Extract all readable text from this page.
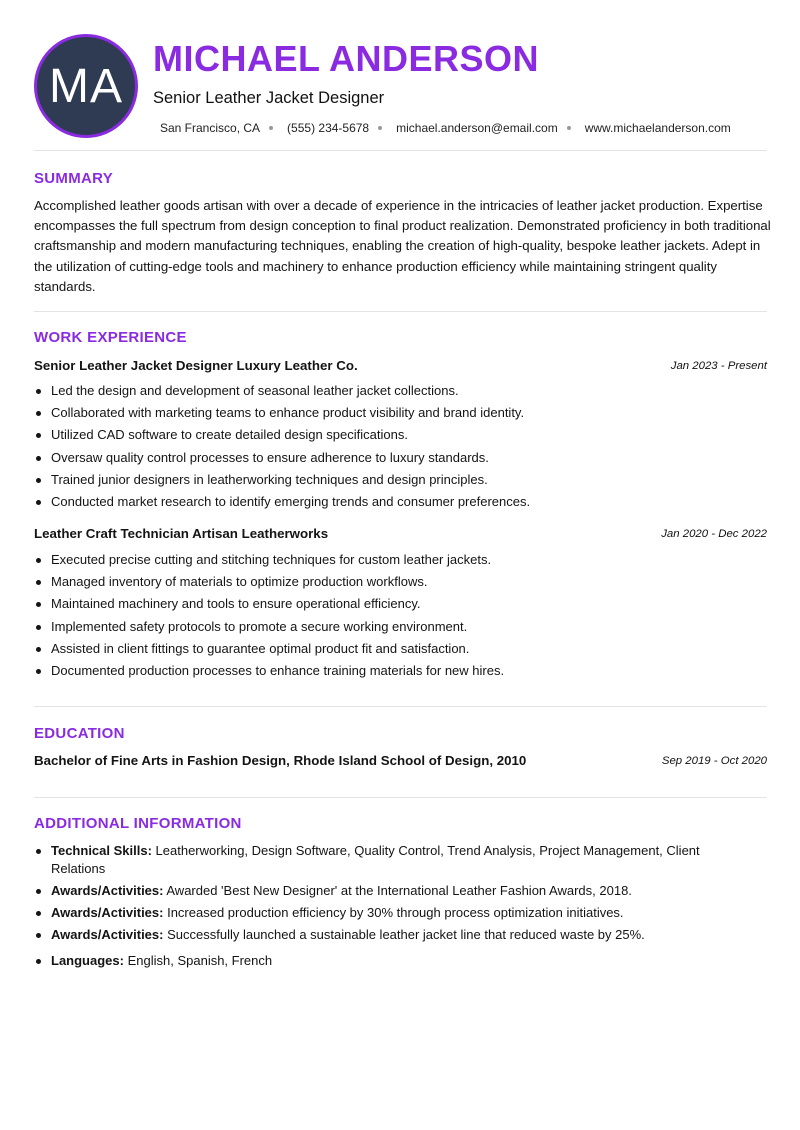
MA
MICHAEL ANDERSON
Senior Leather Jacket Designer
San Francisco, CA (555) 234-5678 michael.anderson@email.com www.michaelanderson.com
SUMMARY

Accomplished leather goods artisan with over a decade of experience in the intricacies of leather jacket production. Expertise encompasses the full spectrum from design conception to final product realization. Demonstrated proficiency in both traditional craftsmanship and modern manufacturing techniques, enabling the creation of high-quality, bespoke leather jackets. Adept in the utilization of cutting-edge tools and machinery to enhance production efficiency while maintaining stringent quality standards.

WORK EXPERIENCE
Senior Leather Jacket Designer Luxury Leather Co.	Jan 2023 - Present
Led the design and development of seasonal leather jacket collections.
Collaborated with marketing teams to enhance product visibility and brand identity.
Utilized CAD software to create detailed design specifications.
Oversaw quality control processes to ensure adherence to luxury standards.
Trained junior designers in leatherworking techniques and design principles.
Conducted market research to identify emerging trends and consumer preferences.
Leather Craft Technician Artisan Leatherworks	Jan 2020 - Dec 2022
Executed precise cutting and stitching techniques for custom leather jackets.
Managed inventory of materials to optimize production workflows.
Maintained machinery and tools to ensure operational efficiency.
Implemented safety protocols to promote a secure working environment.
Assisted in client fittings to guarantee optimal product fit and satisfaction.
Documented production processes to enhance training materials for new hires.
EDUCATION
Bachelor of Fine Arts in Fashion Design, Rhode Island School of Design, 2010	Sep 2019 - Oct 2020
ADDITIONAL INFORMATION
Technical Skills: Leatherworking, Design Software, Quality Control, Trend Analysis, Project Management, Client Relations
Awards/Activities: Awarded 'Best New Designer' at the International Leather Fashion Awards, 2018.
Awards/Activities: Increased production efficiency by 30% through process optimization initiatives.
Awards/Activities: Successfully launched a sustainable leather jacket line that reduced waste by 25%.
Languages: English, Spanish, French
